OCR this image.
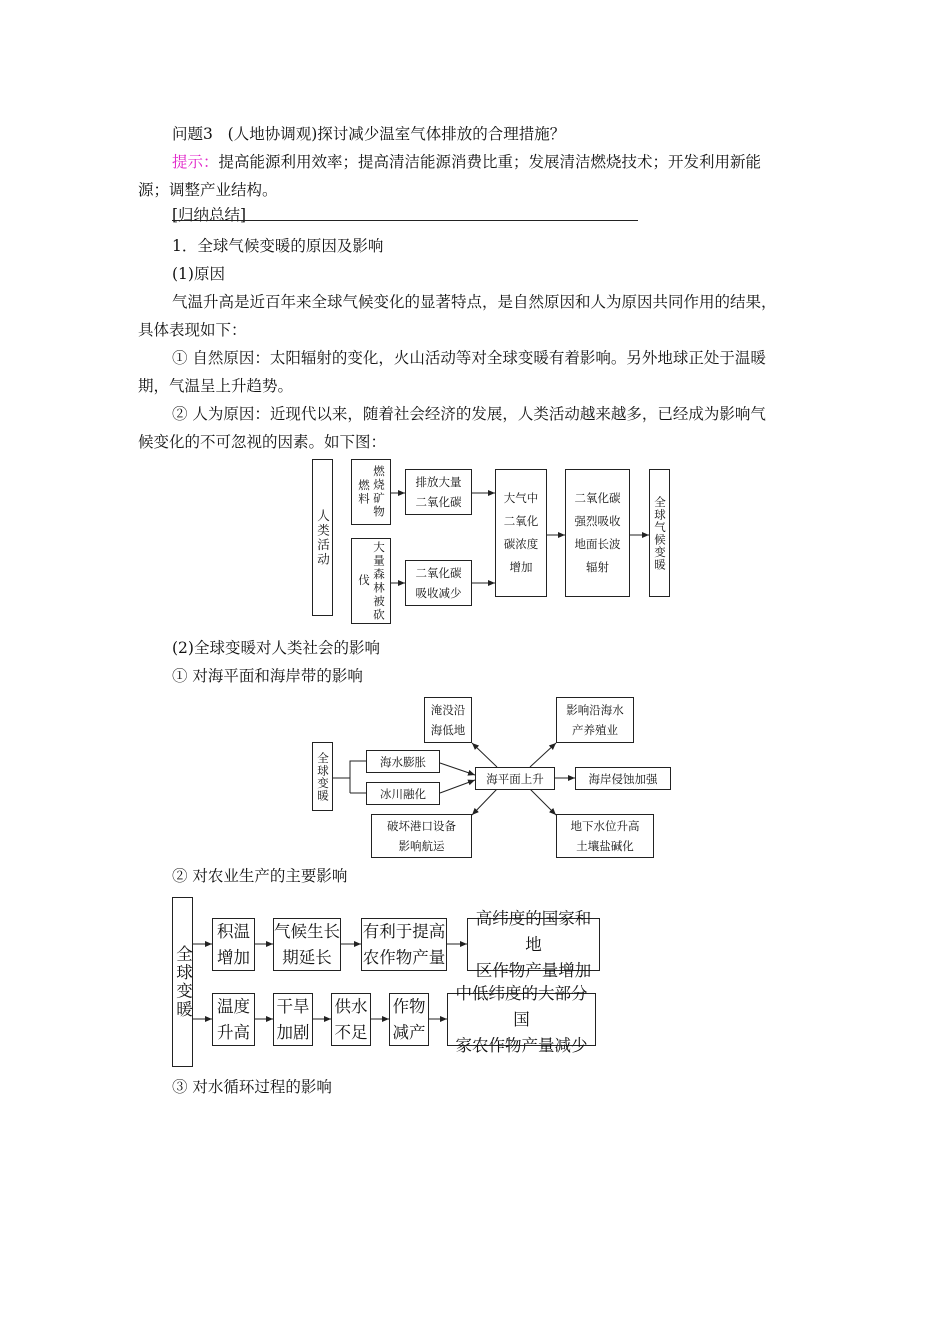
问题3 (人地协调观)探讨减少温室气体排放的合理措施？
提示：提高能源利用效率；提高清洁能源消费比重；发展清洁燃烧技术；开发利用新能
源；调整产业结构。
[归纳总结]
1．全球气候变暖的原因及影响
(1)原因
气温升高是近百年来全球气候变化的显著特点，是自然原因和人为原因共同作用的结果，
具体表现如下：
① 自然原因：太阳辐射的变化，火山活动等对全球变暖有着影响。另外地球正处于温暖
期，气温呈上升趋势。
② 人为原因：近现代以来，随着社会经济的发展，人类活动越来越多，已经成为影响气
候变化的不可忽视的因素。如下图：
人类活动
燃烧矿物燃料
大量森林被砍伐
排放大量
二氧化碳
二氧化碳
吸收减少
大气中
二氧化
碳浓度
增加
二氧化碳
强烈吸收
地面长波
辐射	全球气候变暖
(2)全球变暖对人类社会的影响
① 对海平面和海岸带的影响
全球变暖	海水膨胀
冰川融化
海平面上升
淹没沿
海低地
影响沿海水
产养殖业
海岸侵蚀加强
破坏港口设备
影响航运
地下水位升高
土壤盐碱化
② 对农业生产的主要影响
全球变暖
积温
增加
气候生长
期延长
有利于提高
农作物产量
高纬度的国家和地
区作物产量增加
温度
升高
干旱
加剧
供水
不足
作物
减产
中低纬度的大部分国
家农作物产量减少
③ 对水循环过程的影响
